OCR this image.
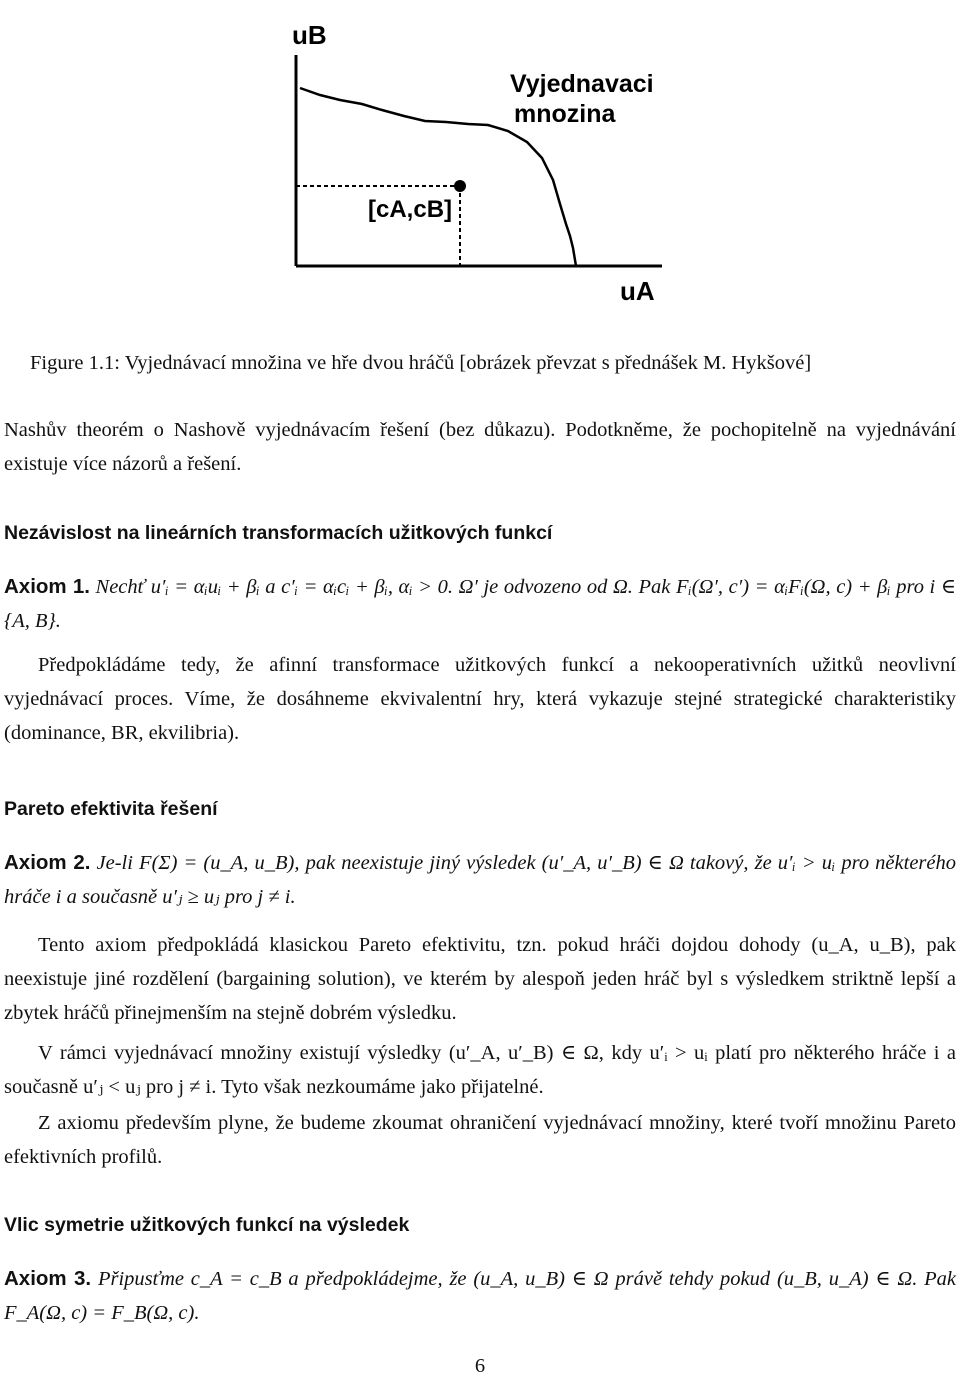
uB
uA
Vyjednavaci
mnozina
[cA,cB]
Figure 1.1: Vyjednávací množina ve hře dvou hráčů [obrázek převzat s přednášek M. Hykšové]

Nashův theorém o Nashově vyjednávacím řešení (bez důkazu). Podotkněme, že pochopitelně na vyjednávání existuje více názorů a řešení.

Nezávislost na lineárních transformacích užitkových funkcí

Axiom 1. Nechť u′ᵢ = αᵢuᵢ + βᵢ a c′ᵢ = αᵢcᵢ + βᵢ, αᵢ > 0. Ω′ je odvozeno od Ω. Pak Fᵢ(Ω′, c′) = αᵢFᵢ(Ω, c) + βᵢ pro i ∈ {A, B}.

Předpokládáme tedy, že afinní transformace užitkových funkcí a nekooperativních užitků neovlivní vyjednávací proces. Víme, že dosáhneme ekvivalentní hry, která vykazuje stejné strategické charakteristiky (dominance, BR, ekvilibria).

Pareto efektivita řešení

Axiom 2. Je-li F(Σ) = (u_A, u_B), pak neexistuje jiný výsledek (u′_A, u′_B) ∈ Ω takový, že u′ᵢ > uᵢ pro některého hráče i a současně u′ⱼ ≥ uⱼ pro j ≠ i.

Tento axiom předpokládá klasickou Pareto efektivitu, tzn. pokud hráči dojdou dohody (u_A, u_B), pak neexistuje jiné rozdělení (bargaining solution), ve kterém by alespoň jeden hráč byl s výsledkem striktně lepší a zbytek hráčů přinejmenším na stejně dobrém výsledku.

V rámci vyjednávací množiny existují výsledky (u′_A, u′_B) ∈ Ω, kdy u′ᵢ > uᵢ platí pro některého hráče i a současně u′ⱼ < uⱼ pro j ≠ i. Tyto však nezkoumáme jako přijatelné.

Z axiomu především plyne, že budeme zkoumat ohraničení vyjednávací množiny, které tvoří množinu Pareto efektivních profilů.

Vlic symetrie užitkových funkcí na výsledek

Axiom 3. Připusťme c_A = c_B a předpokládejme, že (u_A, u_B) ∈ Ω právě tehdy pokud (u_B, u_A) ∈ Ω. Pak F_A(Ω, c) = F_B(Ω, c).

6
